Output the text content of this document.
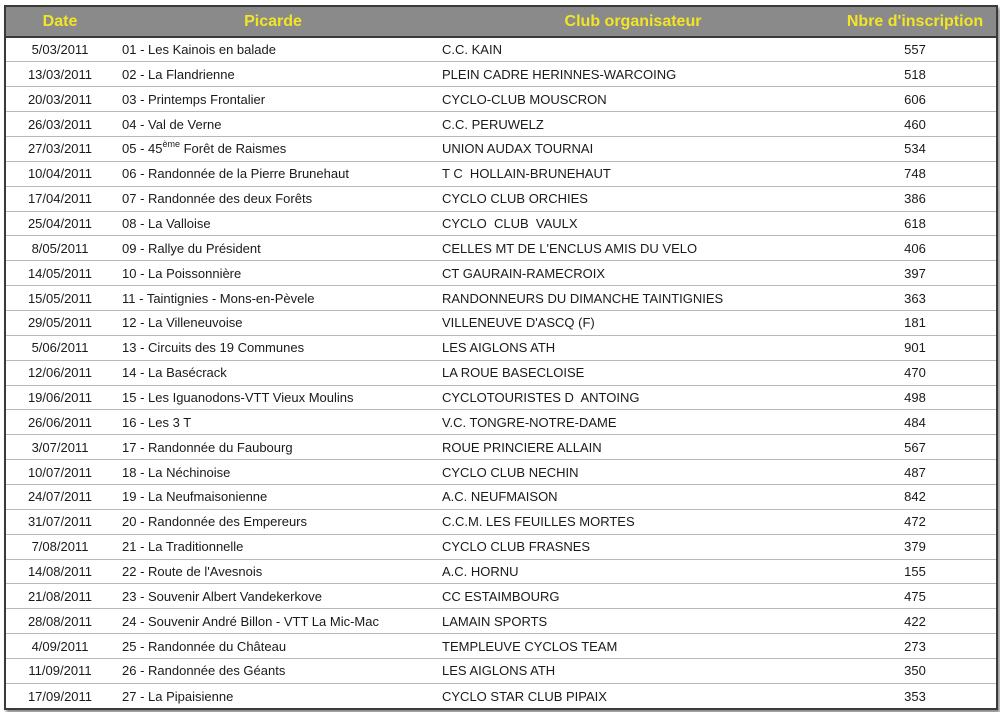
Date	Picarde	Club organisateur	Nbre d'inscription
5/03/2011	01 - Les Kainois en balade	C.C. KAIN	557
13/03/2011	02 - La Flandrienne	PLEIN CADRE HERINNES-WARCOING	518
20/03/2011	03 - Printemps Frontalier	CYCLO-CLUB MOUSCRON	606
26/03/2011	04 - Val de Verne	C.C. PERUWELZ	460
27/03/2011	05 - 45ème Forêt de Raismes	UNION AUDAX TOURNAI	534
10/04/2011	06 - Randonnée de la Pierre Brunehaut	T C  HOLLAIN-BRUNEHAUT	748
17/04/2011	07 - Randonnée des deux Forêts	CYCLO CLUB ORCHIES	386
25/04/2011	08 - La Valloise	CYCLO  CLUB  VAULX	618
8/05/2011	09 - Rallye du Président	CELLES MT DE L'ENCLUS AMIS DU VELO	406
14/05/2011	10 - La Poissonnière	CT GAURAIN-RAMECROIX	397
15/05/2011	11 - Taintignies - Mons-en-Pèvele	RANDONNEURS DU DIMANCHE TAINTIGNIES	363
29/05/2011	12 - La Villeneuvoise	VILLENEUVE D'ASCQ (F)	181
5/06/2011	13 - Circuits des 19 Communes	LES AIGLONS ATH	901
12/06/2011	14 - La Basécrack	LA ROUE BASECLOISE	470
19/06/2011	15 - Les Iguanodons-VTT Vieux Moulins	CYCLOTOURISTES D  ANTOING	498
26/06/2011	16 - Les 3 T	V.C. TONGRE-NOTRE-DAME	484
3/07/2011	17 - Randonnée du Faubourg	ROUE PRINCIERE ALLAIN	567
10/07/2011	18 - La Néchinoise	CYCLO CLUB NECHIN	487
24/07/2011	19 - La Neufmaisonienne	A.C. NEUFMAISON	842
31/07/2011	20 - Randonnée des Empereurs	C.C.M. LES FEUILLES MORTES	472
7/08/2011	21 - La Traditionnelle	CYCLO CLUB FRASNES	379
14/08/2011	22 - Route de l'Avesnois	A.C. HORNU	155
21/08/2011	23 - Souvenir Albert Vandekerkove	CC ESTAIMBOURG	475
28/08/2011	24 - Souvenir André Billon - VTT La Mic-Mac	LAMAIN SPORTS	422
4/09/2011	25 - Randonnée du Château	TEMPLEUVE CYCLOS TEAM	273
11/09/2011	26 - Randonnée des Géants	LES AIGLONS ATH	350
17/09/2011	27 - La Pipaisienne	CYCLO STAR CLUB PIPAIX	353
